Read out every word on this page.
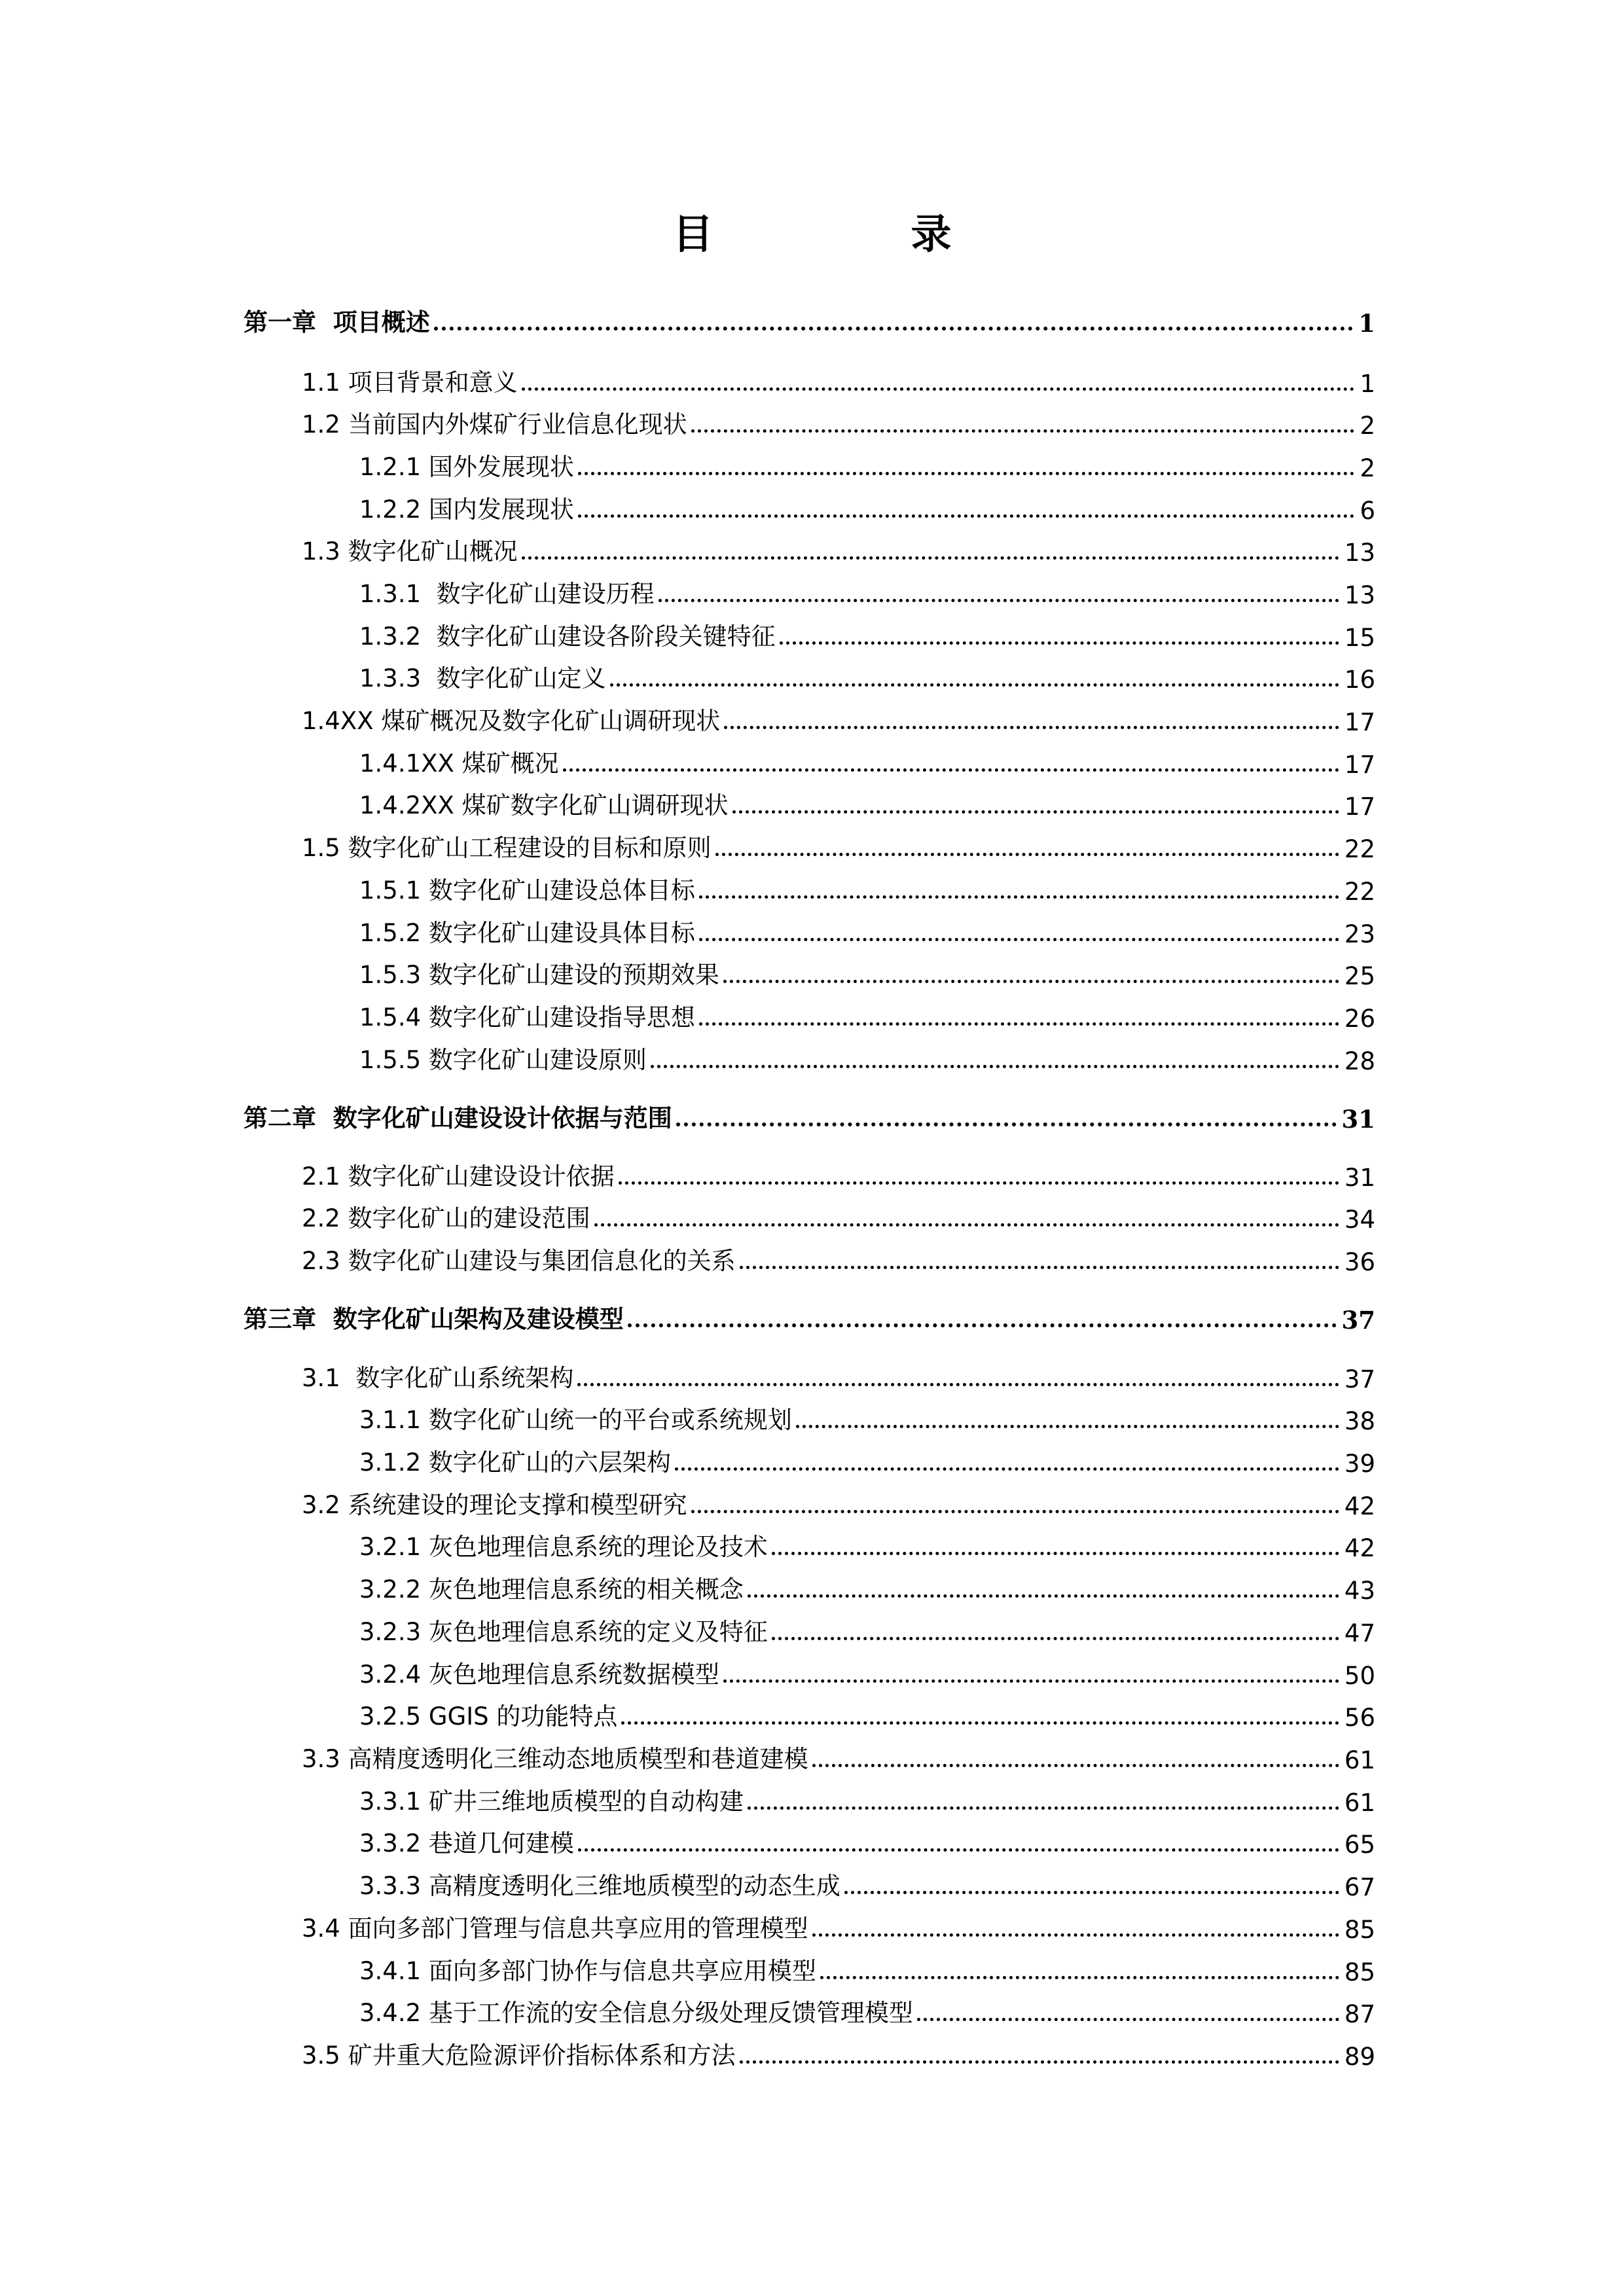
目　录
第一章  项目概述	1
1.1 项目背景和意义	1
1.2 当前国内外煤矿行业信息化现状	2
1.2.1 国外发展现状	2
1.2.2 国内发展现状	6
1.3 数字化矿山概况	13
1.3.1  数字化矿山建设历程	13
1.3.2  数字化矿山建设各阶段关键特征	15
1.3.3  数字化矿山定义	16
1.4XX 煤矿概况及数字化矿山调研现状	17
1.4.1XX 煤矿概况	17
1.4.2XX 煤矿数字化矿山调研现状	17
1.5 数字化矿山工程建设的目标和原则	22
1.5.1 数字化矿山建设总体目标	22
1.5.2 数字化矿山建设具体目标	23
1.5.3 数字化矿山建设的预期效果	25
1.5.4 数字化矿山建设指导思想	26
1.5.5 数字化矿山建设原则	28
第二章  数字化矿山建设设计依据与范围	31
2.1 数字化矿山建设设计依据	31
2.2 数字化矿山的建设范围	34
2.3 数字化矿山建设与集团信息化的关系	36
第三章  数字化矿山架构及建设模型	37
3.1  数字化矿山系统架构	37
3.1.1 数字化矿山统一的平台或系统规划	38
3.1.2 数字化矿山的六层架构	39
3.2 系统建设的理论支撑和模型研究	42
3.2.1 灰色地理信息系统的理论及技术	42
3.2.2 灰色地理信息系统的相关概念	43
3.2.3 灰色地理信息系统的定义及特征	47
3.2.4 灰色地理信息系统数据模型	50
3.2.5 GGIS 的功能特点	56
3.3 高精度透明化三维动态地质模型和巷道建模	61
3.3.1 矿井三维地质模型的自动构建	61
3.3.2 巷道几何建模	65
3.3.3 高精度透明化三维地质模型的动态生成	67
3.4 面向多部门管理与信息共享应用的管理模型	85
3.4.1 面向多部门协作与信息共享应用模型	85
3.4.2 基于工作流的安全信息分级处理反馈管理模型	87
3.5 矿井重大危险源评价指标体系和方法	89
